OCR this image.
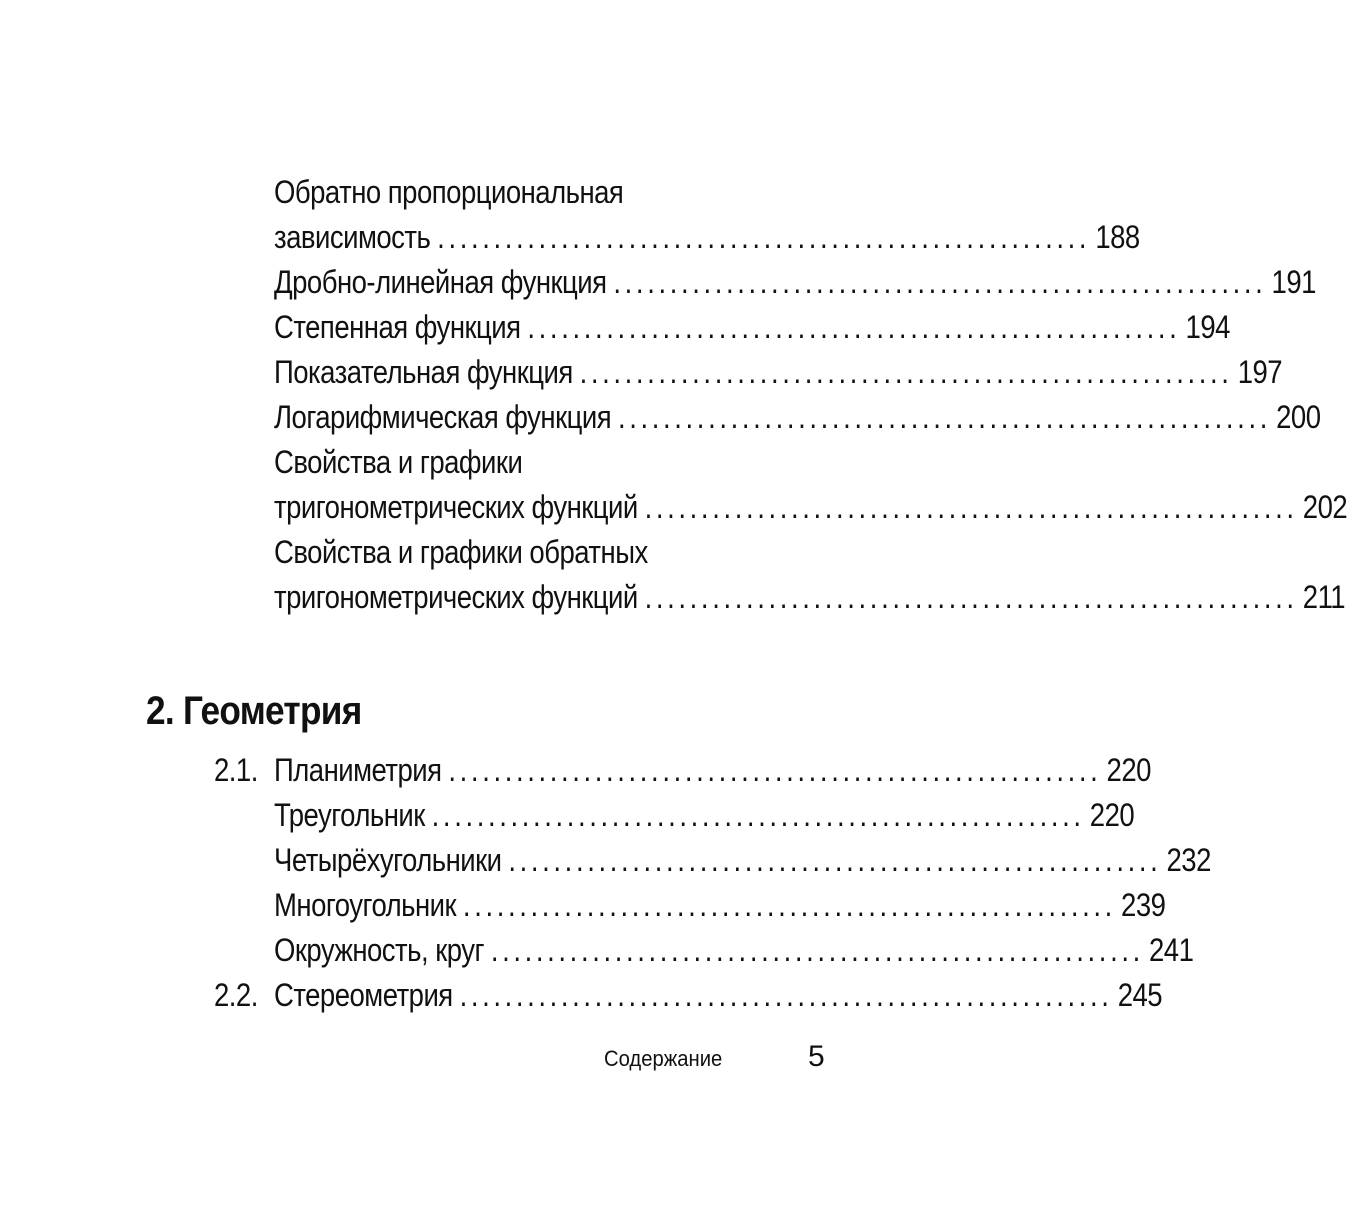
Обратно пропорциональная
зависимость .......................................................... 188
Дробно-линейная функция .......................................................... 191
Степенная функция .......................................................... 194
Показательная функция .......................................................... 197
Логарифмическая функция .......................................................... 200
Свойства и графики
тригонометрических функций .......................................................... 202
Свойства и графики обратных
тригонометрических функций .......................................................... 211
2. Геометрия
2.1. Планиметрия .......................................................... 220
Треугольник .......................................................... 220
Четырёхугольники .......................................................... 232
Многоугольник .......................................................... 239
Окружность, круг .......................................................... 241
2.2. Стереометрия .......................................................... 245
Содержание	5
